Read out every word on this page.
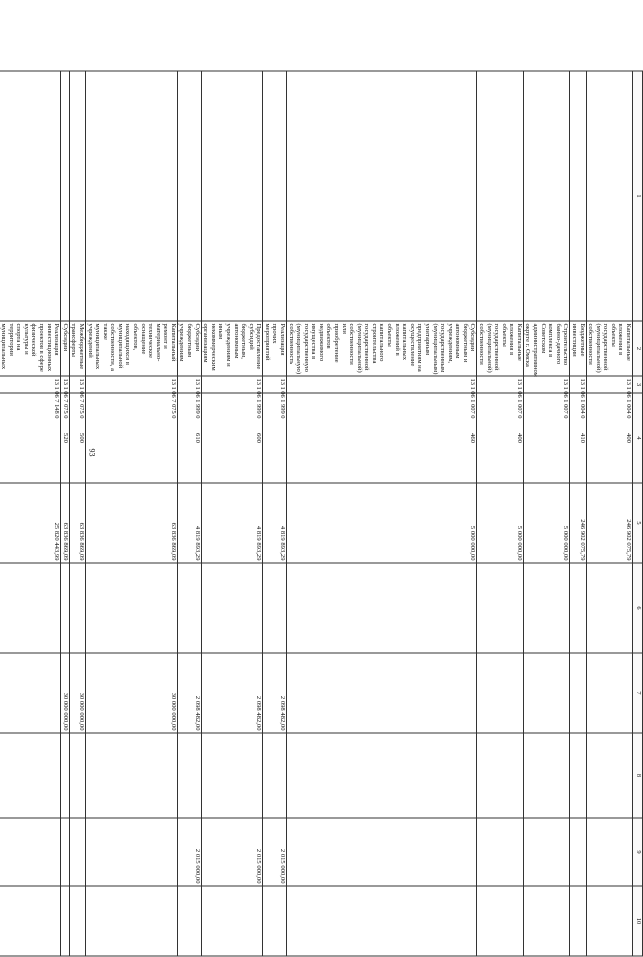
93
1	2	3	4	5	6	7	8	9	10
	Капитальные вложения в объекты государственной (муниципальной) собственности	13 1 06 1 004 0	400	246 902 075,79					
	Бюджетные инвестиции	13 1 06 1 004 0	410	246 902 075,79					
	Строительство банно-дачного комплекса в Советском административном округе г. Омска	13 1 06 1 007 0		5 000 000,00					
	Капитальные вложения в объекты государственной (муниципальной) собственности	13 1 06 1 007 0	400	5 000 000,00					
	Субсидии бюджетным и автономным учреждениям, государственным (муниципальным) унитарным предприятиям на осуществление капитальных вложений в объекты капитального строительства государственной (муниципальной) собственности или приобретение объектов недвижимого имущества в государственную (муниципальную) собственность	13 1 06 1 007 0	460	5 000 000,00					
	Реализация прочих мероприятий	13 1 06 1 999 0		4 819 893,29		2 098 482,00		2 015 000,00	
	Предоставление субсидий бюджетным, автономным учреждениям и иным некоммерческим организациям	13 1 06 1 999 0	600	4 819 893,29		2 098 482,00		2 015 000,00	
	Субсидии бюджетным учреждениям	13 1 06 1 999 0	610	4 819 893,29		2 098 482,00		2 015 000,00	
	Капитальный ремонт и материально-техническое оснащение объектов, находящихся в муниципальной собственности, а также муниципальных учреждений	13 1 06 7 075 0		63 836 869,09		30 000 000,00			
	Межбюджетные трансферты	13 1 06 7 075 0	500	63 836 869,09		30 000 000,00			
	Субсидии	13 1 06 7 075 0	520	63 836 869,09		30 000 000,00			
	Реализация инвестиционных проектов в сфере физической культуры и спорта на территории муниципальных	13 1 06 7 148 0		25 820 443,99					
